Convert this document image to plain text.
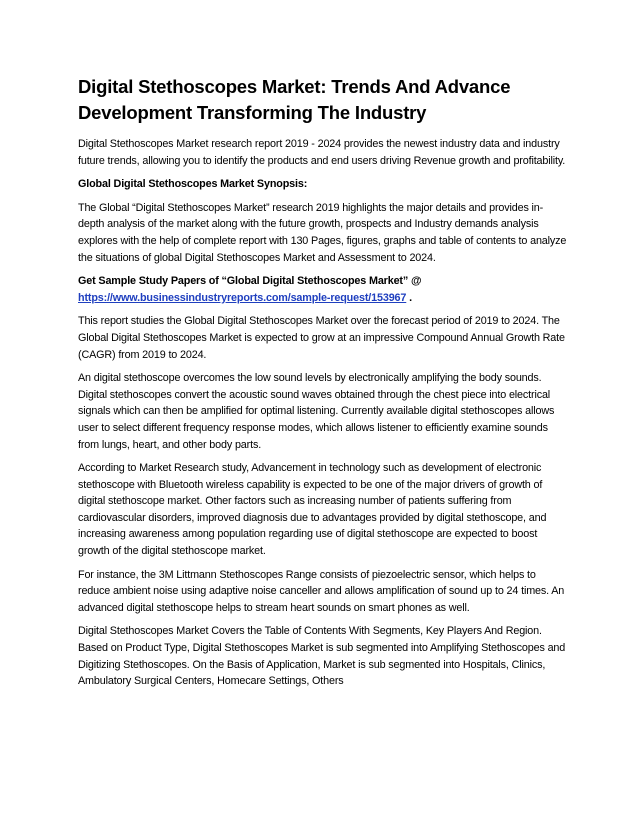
Digital Stethoscopes Market: Trends And Advance Development Transforming The Industry

Digital Stethoscopes Market research report 2019 - 2024 provides the newest industry data and industry future trends, allowing you to identify the products and end users driving Revenue growth and profitability.

Global Digital Stethoscopes Market Synopsis:

The Global “Digital Stethoscopes Market” research 2019 highlights the major details and provides in-depth analysis of the market along with the future growth, prospects and Industry demands analysis explores with the help of complete report with 130 Pages, figures, graphs and table of contents to analyze the situations of global Digital Stethoscopes Market and Assessment to 2024.

Get Sample Study Papers of “Global Digital Stethoscopes Market” @
https://www.businessindustryreports.com/sample-request/153967 .

This report studies the Global Digital Stethoscopes Market over the forecast period of 2019 to 2024. The Global Digital Stethoscopes Market is expected to grow at an impressive Compound Annual Growth Rate (CAGR) from 2019 to 2024.

An digital stethoscope overcomes the low sound levels by electronically amplifying the body sounds. Digital stethoscopes convert the acoustic sound waves obtained through the chest piece into electrical signals which can then be amplified for optimal listening. Currently available digital stethoscopes allows user to select different frequency response modes, which allows listener to efficiently examine sounds from lungs, heart, and other body parts.

According to Market Research study, Advancement in technology such as development of electronic stethoscope with Bluetooth wireless capability is expected to be one of the major drivers of growth of digital stethoscope market. Other factors such as increasing number of patients suffering from cardiovascular disorders, improved diagnosis due to advantages provided by digital stethoscope, and increasing awareness among population regarding use of digital stethoscope are expected to boost growth of the digital stethoscope market.

For instance, the 3M Littmann Stethoscopes Range consists of piezoelectric sensor, which helps to reduce ambient noise using adaptive noise canceller and allows amplification of sound up to 24 times. An advanced digital stethoscope helps to stream heart sounds on smart phones as well.

Digital Stethoscopes Market Covers the Table of Contents With Segments, Key Players And Region. Based on Product Type, Digital Stethoscopes Market is sub segmented into Amplifying Stethoscopes and Digitizing Stethoscopes. On the Basis of Application, Market is sub segmented into Hospitals, Clinics, Ambulatory Surgical Centers, Homecare Settings, Others
